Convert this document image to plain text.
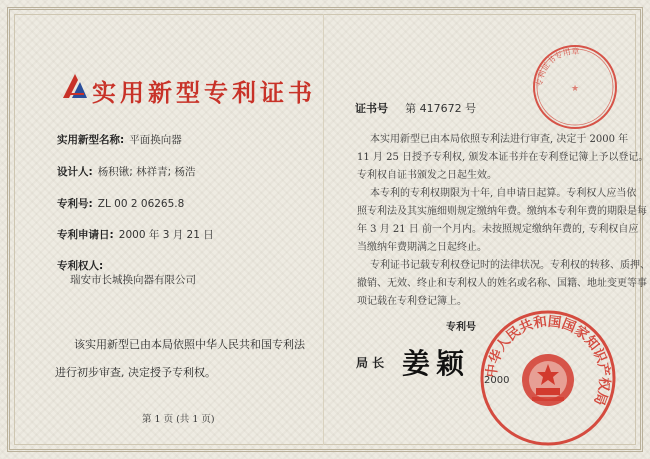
实用新型专利证书
实用新型名称: 平面换向器
设计人: 杨积锹; 林祥青; 杨浩
专利号: ZL 00 2 06265.8
专利申请日: 2000 年 3 月 21 日
专利权人:
瑞安市长城换向器有限公司
该实用新型已由本局依照中华人民共和国专利法
进行初步审查, 决定授予专利权。
第 1 页 (共 1 页)
证书号 第 417672 号
本实用新型已由本局依照专利法进行审查, 决定于 2000 年
11 月 25 日授予专利权, 颁发本证书并在专利登记簿上予以登记。
专利权自证书颁发之日起生效。
本专利的专利权期限为十年, 自申请日起算。专利权人应当依
照专利法及其实施细则规定缴纳年费。缴纳本专利年费的期限是每
年 3 月 21 日 前一个月内。未按照规定缴纳年费的, 专利权自应
当缴纳年费期满之日起终止。
专利证书记载专利权登记时的法律状况。专利权的转移、质押、
撤销、无效、终止和专利权人的姓名或名称、国籍、地址变更等事
项记载在专利登记簿上。
专利号
局 长 姜颖
专利证书专用章
★
中华人民共和国国家知识产权局
2000
